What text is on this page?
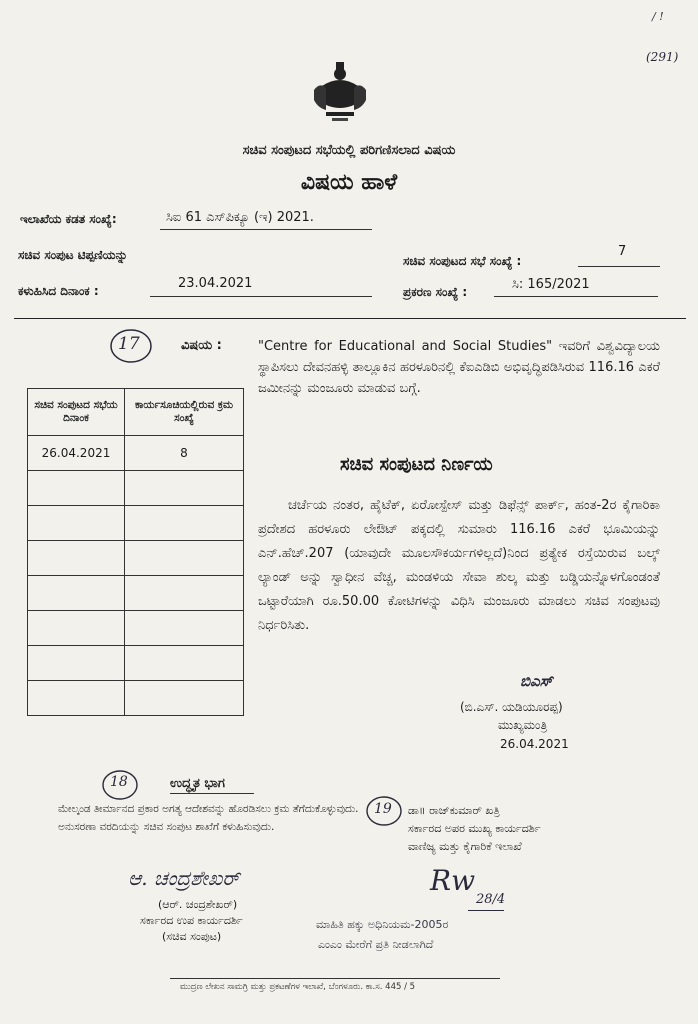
/ !
(291)
ಸಚಿವ ಸಂಪುಟದ ಸಭೆಯಲ್ಲಿ ಪರಿಗಣಿಸಲಾದ ವಿಷಯ
ವಿಷಯ ಹಾಳೆ
ಇಲಾಖೆಯ ಕಡತ ಸಂಖ್ಯೆ:	ಸಿಐ 61 ಎಸ್‌ಪಿಕ್ಯೂ (ಇ) 2021.
ಸಚಿವ ಸಂಪುಟ ಟಿಪ್ಪಣಿಯನ್ನು
ಕಳುಹಿಸಿದ ದಿನಾಂಕ :	23.04.2021
ಸಚಿವ ಸಂಪುಟದ ಸಭೆ ಸಂಖ್ಯೆ :
7
ಪ್ರಕರಣ ಸಂಖ್ಯೆ :	ಸಿ: 165/2021
17	ವಿಷಯ :	"Centre for Educational and Social Studies" ಇವರಿಗೆ ವಿಶ್ವವಿದ್ಯಾಲಯ ಸ್ಥಾಪಿಸಲು ದೇವನಹಳ್ಳಿ ತಾಲ್ಲೂಕಿನ ಹರಳೂರಿನಲ್ಲಿ ಕೆಐಎಡಿಬಿ ಅಭಿವೃದ್ಧಿಪಡಿಸಿರುವ 116.16 ಎಕರೆ ಜಮೀನನ್ನು ಮಂಜೂರು ಮಾಡುವ ಬಗ್ಗೆ.
ಸಚಿವ ಸಂಪುಟದ ಸಭೆಯ ದಿನಾಂಕ	ಕಾರ್ಯಸೂಚಿಯಲ್ಲಿರುವ ಕ್ರಮ ಸಂಖ್ಯೆ
26.04.2021	8

ಸಚಿವ ಸಂಪುಟದ ನಿರ್ಣಯ
ಚರ್ಚೆಯ ನಂತರ, ಹೈಟೆಕ್, ಏರೋಸ್ಪೇಸ್ ಮತ್ತು ಡಿಫೆನ್ಸ್ ಪಾರ್ಕ್, ಹಂತ-2ರ ಕೈಗಾರಿಕಾ ಪ್ರದೇಶದ ಹರಳೂರು ಲೇಔಟ್ ಪಕ್ಕದಲ್ಲಿ ಸುಮಾರು 116.16 ಎಕರೆ ಭೂಮಿಯನ್ನು ಎನ್.ಹೆಚ್.207 (ಯಾವುದೇ ಮೂಲಸೌಕರ್ಯಗಳಿಲ್ಲದೆ)ನಿಂದ ಪ್ರತ್ಯೇಕ ರಸ್ತೆಯಿರುವ ಬಲ್ಕ್ ಲ್ಯಾಂಡ್ ಅನ್ನು ಸ್ವಾಧೀನ ವೆಚ್ಚ, ಮಂಡಳಿಯ ಸೇವಾ ಶುಲ್ಕ ಮತ್ತು ಬಡ್ಡಿಯನ್ನೊಳಗೊಂಡಂತೆ ಒಟ್ಟಾರೆಯಾಗಿ ರೂ.50.00 ಕೋಟಿಗಳನ್ನು ವಿಧಿಸಿ ಮಂಜೂರು ಮಾಡಲು ಸಚಿವ ಸಂಪುಟವು ನಿರ್ಧರಿಸಿತು.
ಬಿಎಸ್
(ಬಿ.ಎಸ್. ಯಡಿಯೂರಪ್ಪ)
ಮುಖ್ಯಮಂತ್ರಿ
26.04.2021
18	ಉದ್ಧೃತ ಭಾಗ
ಮೇಲ್ಕಂಡ ತೀರ್ಮಾನದ ಪ್ರಕಾರ ಅಗತ್ಯ ಆದೇಶವನ್ನು ಹೊರಡಿಸಲು ಕ್ರಮ ತೆಗೆದುಕೊಳ್ಳುವುದು. ಅನುಸರಣಾ ವರದಿಯನ್ನು ಸಚಿವ ಸಂಪುಟ ಶಾಖೆಗೆ ಕಳುಹಿಸುವುದು.
19 ಡಾ॥ ರಾಜ್‌ಕುಮಾರ್ ಖತ್ರಿ
ಸರ್ಕಾರದ ಅಪರ ಮುಖ್ಯ ಕಾರ್ಯದರ್ಶಿ
ವಾಣಿಜ್ಯ ಮತ್ತು ಕೈಗಾರಿಕೆ ಇಲಾಖೆ
ಆ. ಚಂದ್ರಶೇಖರ್
(ಆರ್. ಚಂದ್ರಶೇಖರ್)
ಸರ್ಕಾರದ ಉಪ ಕಾರ್ಯದರ್ಶಿ
(ಸಚಿವ ಸಂಪುಟ)
Rw
28/4
ಮಾಹಿತಿ ಹಕ್ಕು ಅಧಿನಿಯಮ-2005ರ
ಎಂಎಂ ಮೇರೆಗೆ ಪ್ರತಿ ನೀಡಲಾಗಿದೆ
ಮುದ್ರಣ ಲೇಖನ ಸಾಮಗ್ರಿ ಮತ್ತು ಪ್ರಕಟಣೆಗಳ ಇಲಾಖೆ, ಬೆಂಗಳೂರು. ಕಾ.ಸ. 445 / 5
